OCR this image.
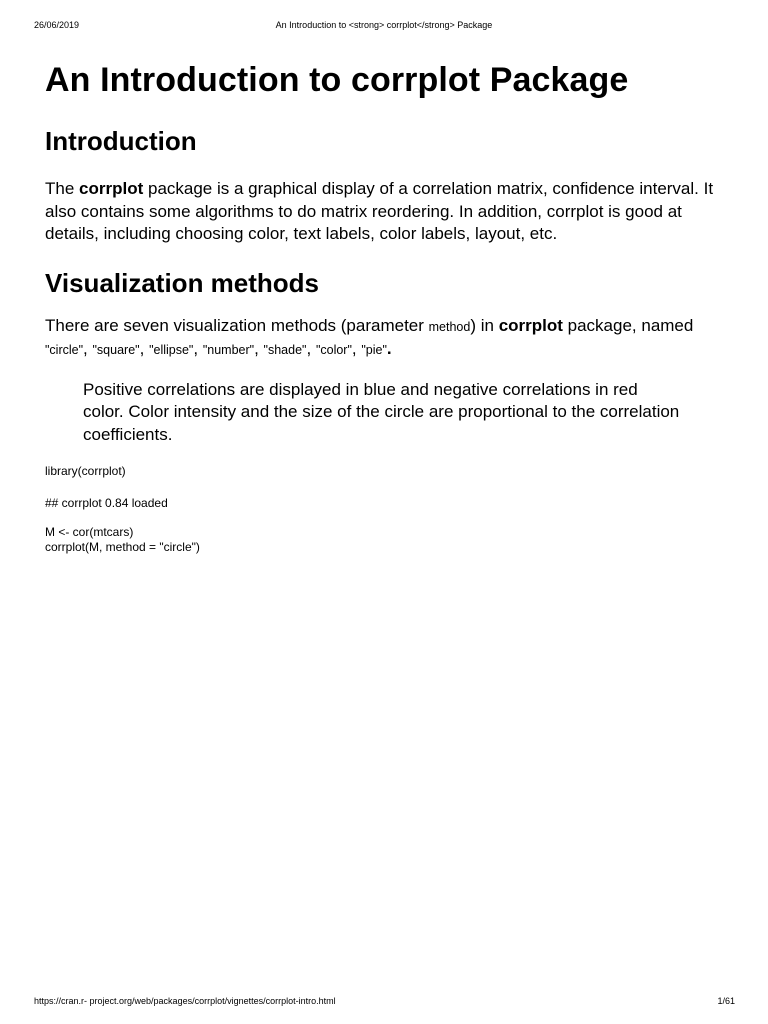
26/06/2019	An Introduction to <strong> corrplot</strong> Package
An Introduction to corrplot Package
Introduction

The corrplot package is a graphical display of a correlation matrix, confidence interval. It also contains some algorithms to do matrix reordering. In addition, corrplot is good at details, including choosing color, text labels, color labels, layout, etc.

Visualization methods

There are seven visualization methods (parameter method) in corrplot package, named "circle", "square", "ellipse", "number", "shade", "color", "pie".

Positive correlations are displayed in blue and negative correlations in red color. Color intensity and the size of the circle are proportional to the correlation coefficients.
library(corrplot)
## corrplot 0.84 loaded
M <- cor(mtcars)
corrplot(M, method = "circle")
https://cran.r- project.org/web/packages/corrplot/vignettes/corrplot-intro.html	1/61
